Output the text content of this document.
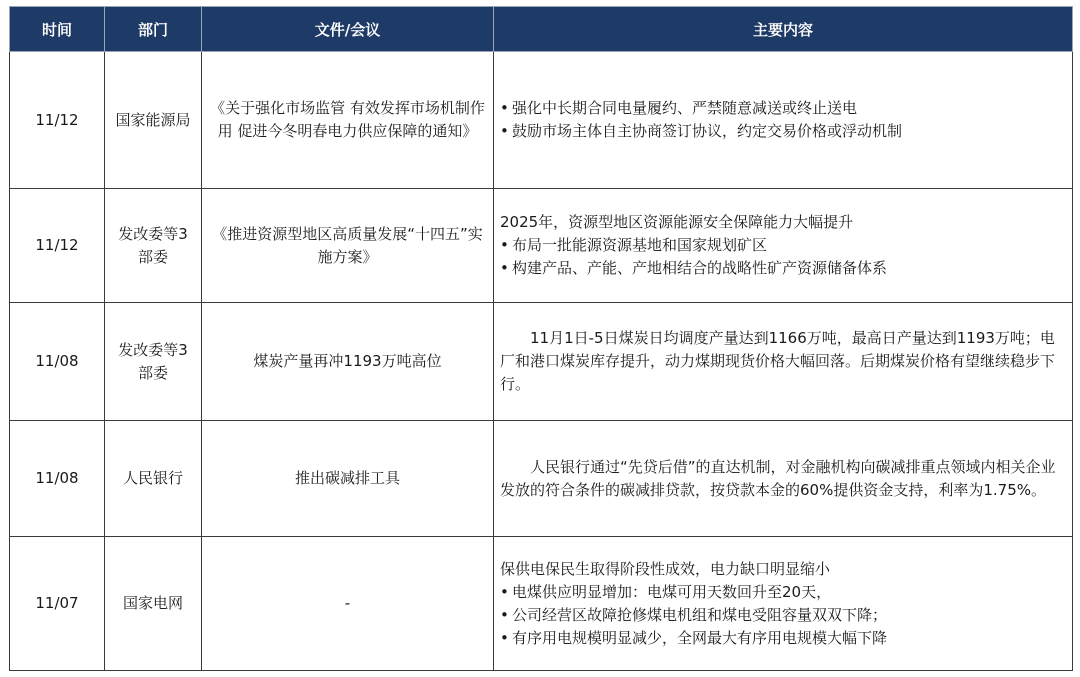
时间	部门	文件/会议	主要内容
11/12	国家能源局	《关于强化市场监管 有效发挥市场机制作用 促进今冬明春电力供应保障的通知》	• 强化中长期合同电量履约、严禁随意减送或终止送电
• 鼓励市场主体自主协商签订协议，约定交易价格或浮动机制

11/12	发改委等3部委	《推进资源型地区高质量发展“十四五”实施方案》	2025年，资源型地区资源能源安全保障能力大幅提升
• 布局一批能源资源基地和国家规划矿区
• 构建产品、产能、产地相结合的战略性矿产资源储备体系

11/08	发改委等3部委	煤炭产量再冲1193万吨高位	11月1日-5日煤炭日均调度产量达到1166万吨，最高日产量达到1193万吨；电厂和港口煤炭库存提升，动力煤期现货价格大幅回落。后期煤炭价格有望继续稳步下行。

11/08	人民银行	推出碳减排工具	人民银行通过“先贷后借”的直达机制，对金融机构向碳减排重点领域内相关企业发放的符合条件的碳减排贷款，按贷款本金的60%提供资金支持，利率为1.75%。

11/07	国家电网	-	保供电保民生取得阶段性成效，电力缺口明显缩小
• 电煤供应明显增加：电煤可用天数回升至20天，
• 公司经营区故障抢修煤电机组和煤电受阻容量双双下降；
• 有序用电规模明显减少，全网最大有序用电规模大幅下降
